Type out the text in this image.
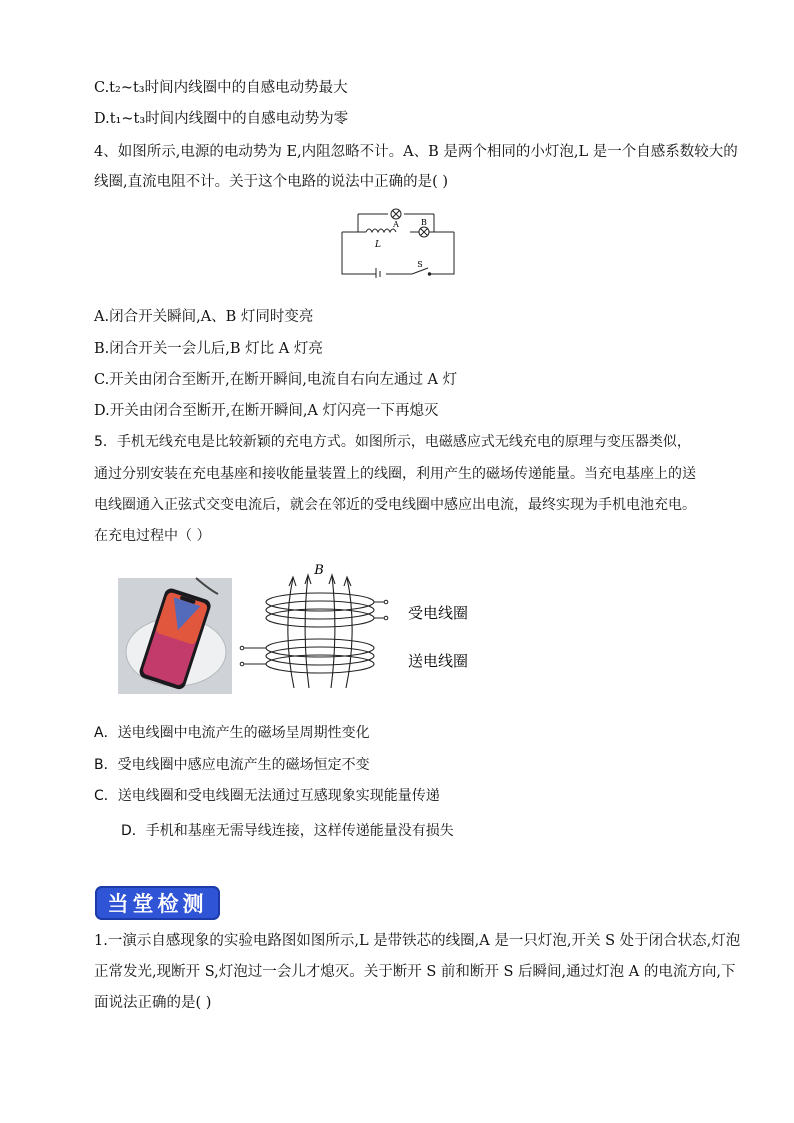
C.t₂~t₃时间内线圈中的自感电动势最大
D.t₁~t₃时间内线圈中的自感电动势为零
4、如图所示,电源的电动势为 E,内阻忽略不计。A、B 是两个相同的小灯泡,L 是一个自感系数较大的
线圈,直流电阻不计。关于这个电路的说法中正确的是( )
A	B
L
S
A.闭合开关瞬间,A、B 灯同时变亮
B.闭合开关一会儿后,B 灯比 A 灯亮
C.开关由闭合至断开,在断开瞬间,电流自右向左通过 A 灯
D.开关由闭合至断开,在断开瞬间,A 灯闪亮一下再熄灭
5．手机无线充电是比较新颖的充电方式。如图所示，电磁感应式无线充电的原理与变压器类似，
通过分别安装在充电基座和接收能量装置上的线圈，利用产生的磁场传递能量。当充电基座上的送
电线圈通入正弦式交变电流后，就会在邻近的受电线圈中感应出电流，最终实现为手机电池充电。
在充电过程中（ ）
B
受电线圈
送电线圈
A．送电线圈中电流产生的磁场呈周期性变化
B．受电线圈中感应电流产生的磁场恒定不变
C．送电线圈和受电线圈无法通过互感现象实现能量传递
D．手机和基座无需导线连接，这样传递能量没有损失
当堂检测
1.一演示自感现象的实验电路图如图所示,L 是带铁芯的线圈,A 是一只灯泡,开关 S 处于闭合状态,灯泡
正常发光,现断开 S,灯泡过一会儿才熄灭。关于断开 S 前和断开 S 后瞬间,通过灯泡 A 的电流方向,下
面说法正确的是( )
